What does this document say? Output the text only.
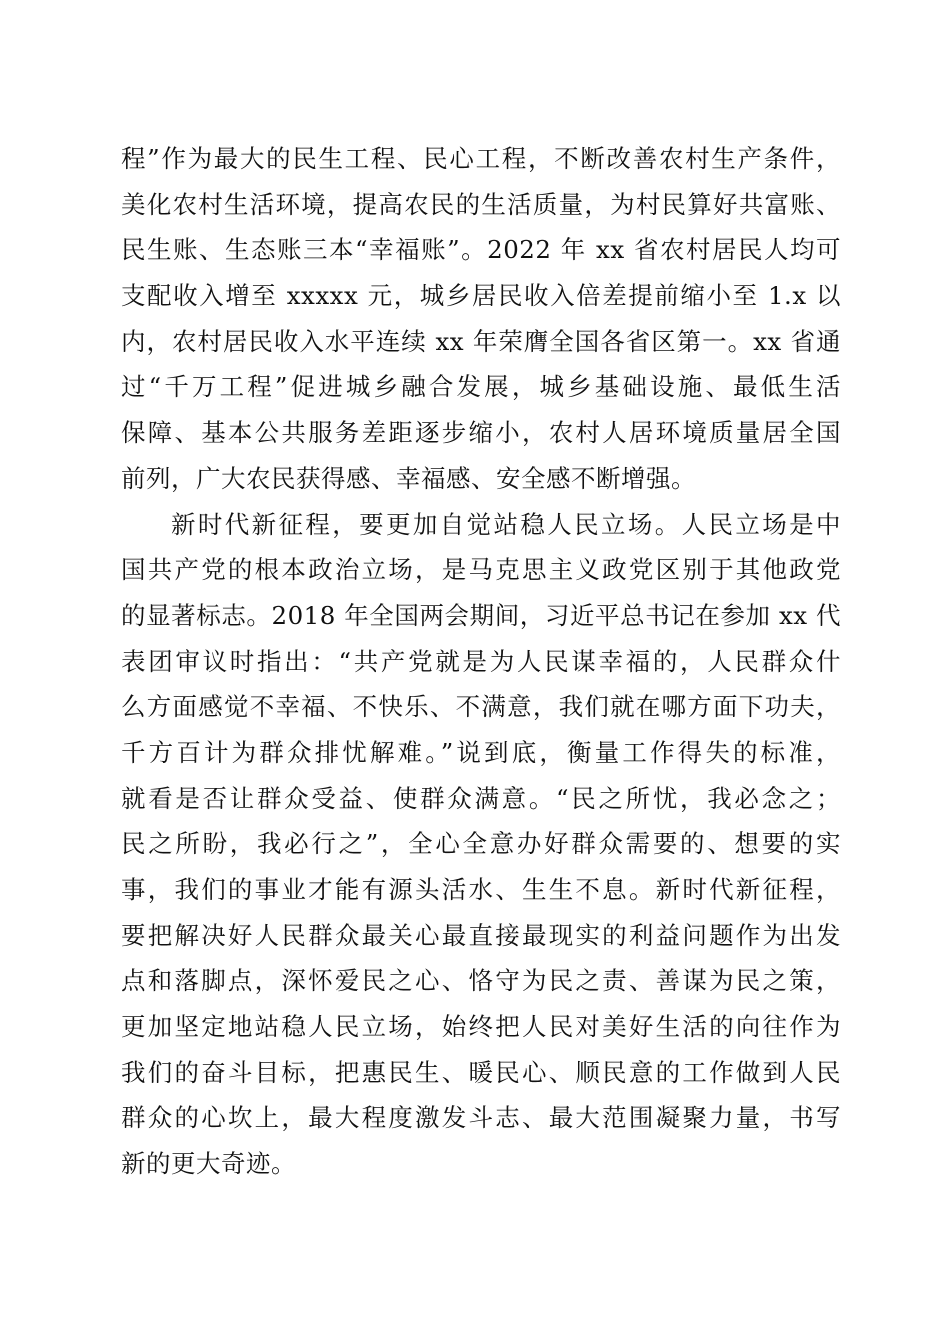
程”作为最大的民生工程、民心工程，不断改善农村生产条件，
美化农村生活环境，提高农民的生活质量，为村民算好共富账、
民生账、生态账三本“幸福账”。2022 年 xx 省农村居民人均可
支配收入增至 xxxxx 元，城乡居民收入倍差提前缩小至 1.x 以
内，农村居民收入水平连续 xx 年荣膺全国各省区第一。xx 省通
过“千万工程”促进城乡融合发展，城乡基础设施、最低生活
保障、基本公共服务差距逐步缩小，农村人居环境质量居全国
前列，广大农民获得感、幸福感、安全感不断增强。
新时代新征程，要更加自觉站稳人民立场。人民立场是中
国共产党的根本政治立场，是马克思主义政党区别于其他政党
的显著标志。2018 年全国两会期间，习近平总书记在参加 xx 代
表团审议时指出：“共产党就是为人民谋幸福的，人民群众什
么方面感觉不幸福、不快乐、不满意，我们就在哪方面下功夫，
千方百计为群众排忧解难。”说到底，衡量工作得失的标准，
就看是否让群众受益、使群众满意。“民之所忧，我必念之；
民之所盼，我必行之”，全心全意办好群众需要的、想要的实
事，我们的事业才能有源头活水、生生不息。新时代新征程，
要把解决好人民群众最关心最直接最现实的利益问题作为出发
点和落脚点，深怀爱民之心、恪守为民之责、善谋为民之策，
更加坚定地站稳人民立场，始终把人民对美好生活的向往作为
我们的奋斗目标，把惠民生、暖民心、顺民意的工作做到人民
群众的心坎上，最大程度激发斗志、最大范围凝聚力量，书写
新的更大奇迹。
